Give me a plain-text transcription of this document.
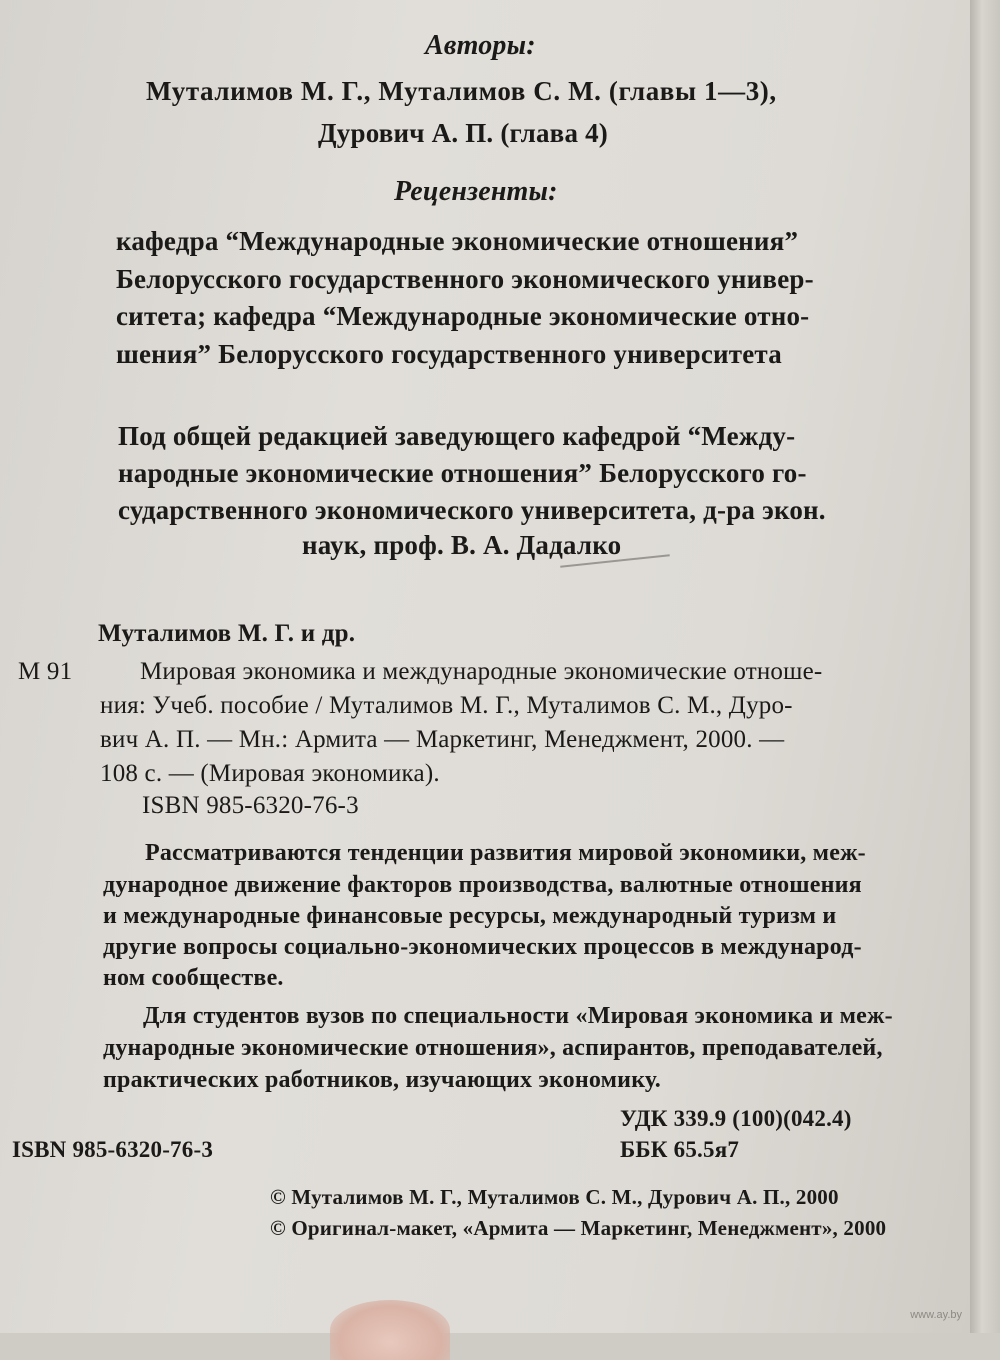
Авторы:
Муталимов М. Г., Муталимов С. М. (главы 1—3),
Дурович А. П. (глава 4)
Рецензенты:
кафедра “Международные экономические отношения”
Белорусского государственного экономического универ-
ситета; кафедра “Международные экономические отно-
шения” Белорусского государственного университета
Под общей редакцией заведующего кафедрой “Между-
народные экономические отношения” Белорусского го-
сударственного экономического университета, д-ра экон.
наук, проф. В. А. Дадалко
Муталимов М. Г. и др.
М 91	Мировая экономика и международные экономические отноше-
ния: Учеб. пособие / Муталимов М. Г., Муталимов С. М., Дуро-
вич А. П. — Мн.: Армита — Маркетинг, Менеджмент, 2000. —
108 с. — (Мировая экономика).
ISBN 985-6320-76-3
Рассматриваются тенденции развития мировой экономики, меж-
дународное движение факторов производства, валютные отношения
и международные финансовые ресурсы, международный туризм и
другие вопросы социально-экономических процессов в международ-
ном сообществе.
Для студентов вузов по специальности «Мировая экономика и меж-
дународные экономические отношения», аспирантов, преподавателей,
практических работников, изучающих экономику.
ISBN 985-6320-76-3
УДК 339.9 (100)(042.4)
ББК 65.5я7
© Муталимов М. Г., Муталимов С. М., Дурович А. П., 2000
© Оригинал-макет, «Армита — Маркетинг, Менеджмент», 2000
www.ay.by
